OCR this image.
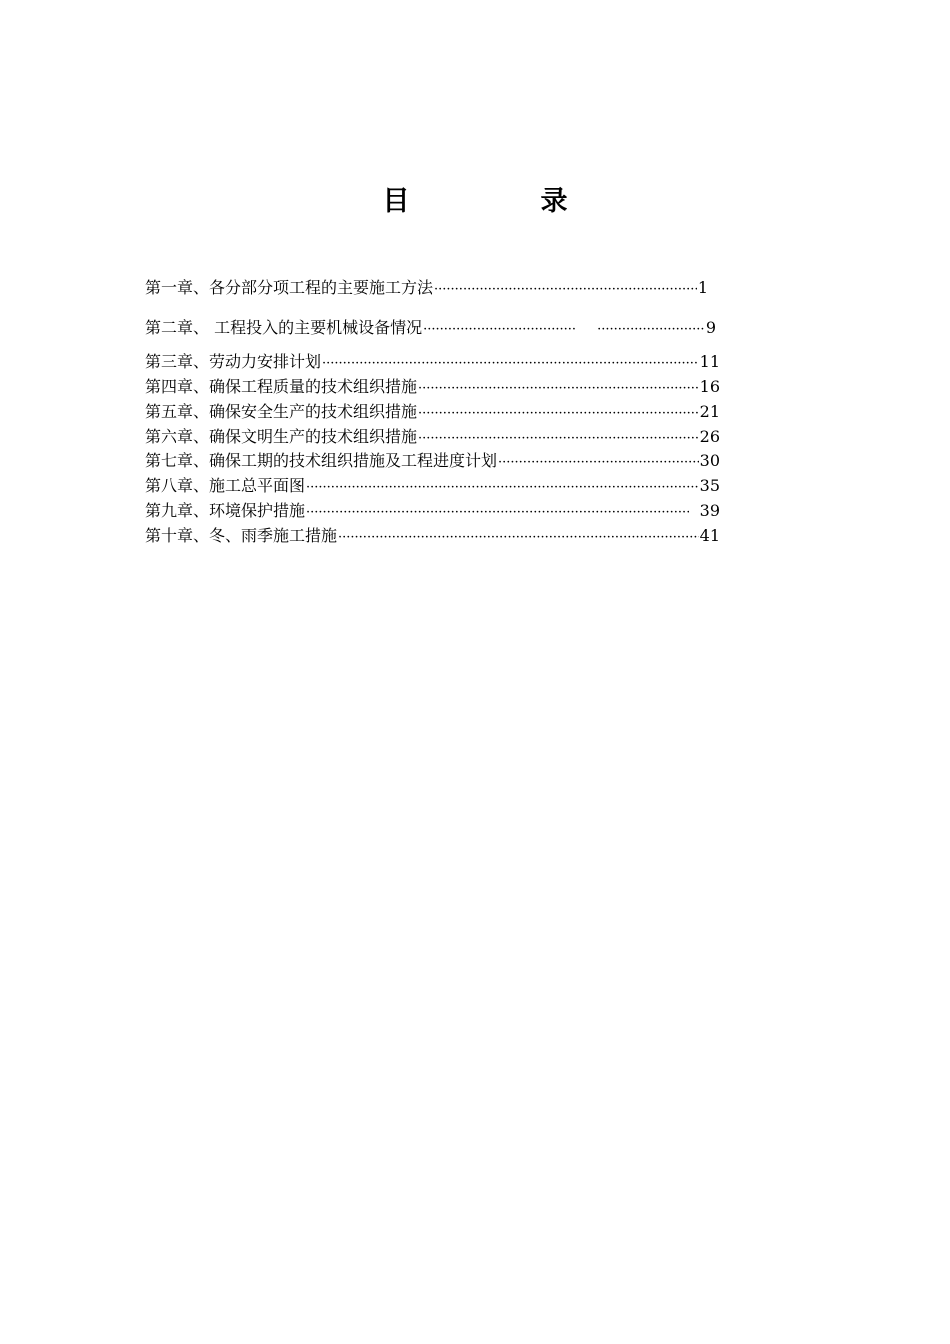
目　录
第一章、各分部分项工程的主要施工方法 ·····	1
第二章、 工程投入的主要机械设备情况 ····· ·····	9
第三章、劳动力安排计划 ·····	11
第四章、确保工程质量的技术组织措施 ·····	16
第五章、确保安全生产的技术组织措施 ·····	21
第六章、确保文明生产的技术组织措施 ·····	26
第七章、确保工期的技术组织措施及工程进度计划 ·····	30
第八章、施工总平面图 ·····	35
第九章、环境保护措施 ·····	39
第十章、冬、雨季施工措施 ·····	41
